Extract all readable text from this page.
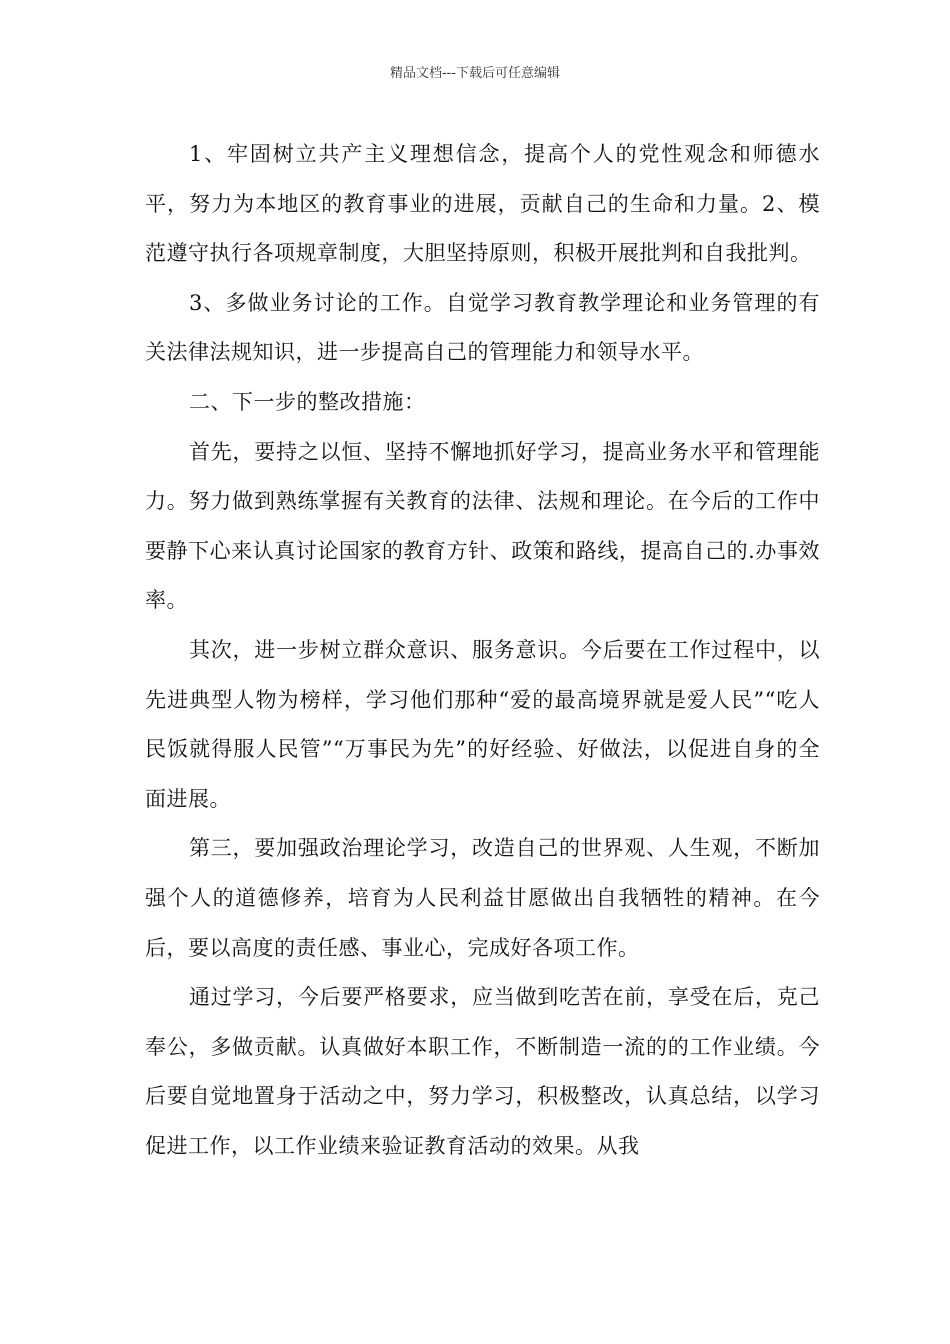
精品文档---下载后可任意编辑

1、牢固树立共产主义理想信念，提高个人的党性观念和师德水平，努力为本地区的教育事业的进展，贡献自己的生命和力量。2、模范遵守执行各项规章制度，大胆坚持原则，积极开展批判和自我批判。

3、多做业务讨论的工作。自觉学习教育教学理论和业务管理的有关法律法规知识，进一步提高自己的管理能力和领导水平。

二、下一步的整改措施：

首先，要持之以恒、坚持不懈地抓好学习，提高业务水平和管理能力。努力做到熟练掌握有关教育的法律、法规和理论。在今后的工作中要静下心来认真讨论国家的教育方针、政策和路线，提高自己的.办事效率。

其次，进一步树立群众意识、服务意识。今后要在工作过程中，以先进典型人物为榜样，学习他们那种“爱的最高境界就是爱人民”“吃人民饭就得服人民管”“万事民为先”的好经验、好做法，以促进自身的全面进展。

第三，要加强政治理论学习，改造自己的世界观、人生观，不断加强个人的道德修养，培育为人民利益甘愿做出自我牺牲的精神。在今后，要以高度的责任感、事业心，完成好各项工作。

通过学习，今后要严格要求，应当做到吃苦在前，享受在后，克己奉公，多做贡献。认真做好本职工作，不断制造一流的的工作业绩。今后要自觉地置身于活动之中，努力学习，积极整改，认真总结，以学习促进工作，以工作业绩来验证教育活动的效果。从我
